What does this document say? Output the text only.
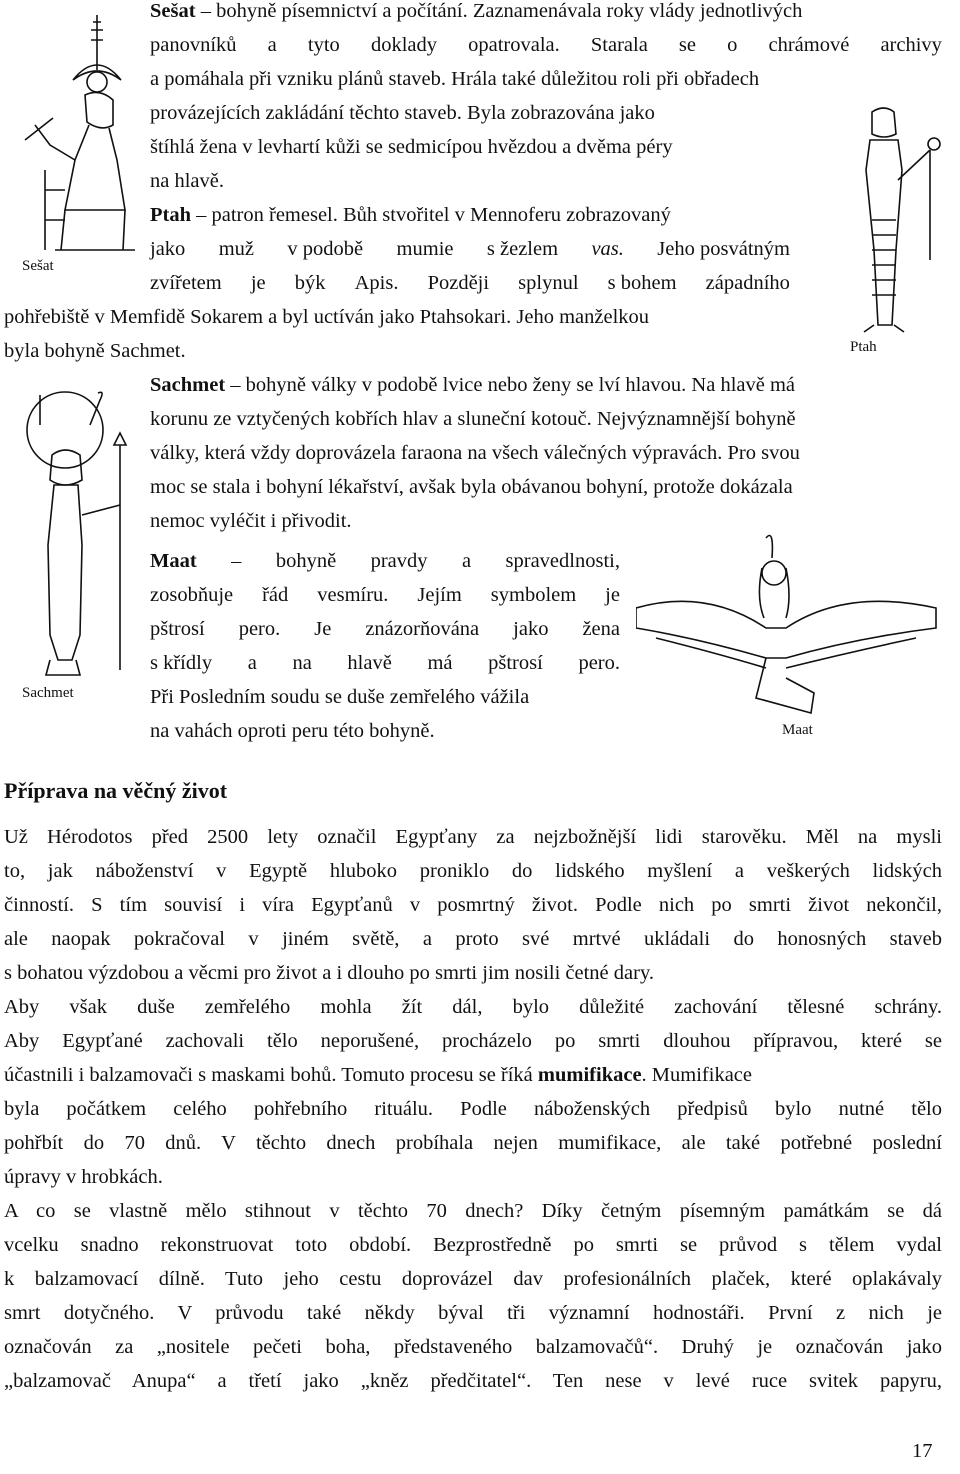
Sešat
Ptah
Sachmet
Maat
Sešat – bohyně písemnictví a počítání. Zaznamenávala roky vlády jednotlivých
panovníků a tyto doklady opatrovala. Starala se o chrámové archivy
a pomáhala při vzniku plánů staveb. Hrála také důležitou roli při obřadech
provázejících zakládání těchto staveb. Byla zobrazována jako
štíhlá žena v levhartí kůži se sedmicípou hvězdou a dvěma péry
na hlavě.
Ptah – patron řemesel. Bůh stvořitel v Mennoferu zobrazovaný
jako muž v podobě mumie s žezlem vas. Jeho posvátným
zvířetem je býk Apis. Později splynul s bohem západního
pohřebiště v Memfidě Sokarem a byl uctíván jako Ptahsokari. Jeho manželkou
byla bohyně Sachmet.
Sachmet – bohyně války v podobě lvice nebo ženy se lví hlavou. Na hlavě má
korunu ze vztyčených kobřích hlav a sluneční kotouč. Nejvýznamnější bohyně
války, která vždy doprovázela faraona na všech válečných výpravách. Pro svou
moc se stala i bohyní lékařství, avšak byla obávanou bohyní, protože dokázala
nemoc vyléčit i přivodit.
Maat – bohyně pravdy a spravedlnosti,
zosobňuje řád vesmíru. Jejím symbolem je
pštrosí pero. Je znázorňována jako žena
s křídly a na hlavě má pštrosí pero.
Při Posledním soudu se duše zemřelého vážila
na vahách oproti peru této bohyně.
Příprava na věčný život
Už Hérodotos před 2500 lety označil Egypťany za nejzbožnější lidi starověku. Měl na mysli
to, jak náboženství v Egyptě hluboko proniklo do lidského myšlení a veškerých lidských
činností. S tím souvisí i víra Egypťanů v posmrtný život. Podle nich po smrti život nekončil,
ale naopak pokračoval v jiném světě, a proto své mrtvé ukládali do honosných staveb
s bohatou výzdobou a věcmi pro život a i dlouho po smrti jim nosili četné dary.
Aby však duše zemřelého mohla žít dál, bylo důležité zachování tělesné schrány.
Aby Egypťané zachovali tělo neporušené, procházelo po smrti dlouhou přípravou, které se
účastnili i balzamovači s maskami bohů. Tomuto procesu se říká mumifikace. Mumifikace
byla počátkem celého pohřebního rituálu. Podle náboženských předpisů bylo nutné tělo
pohřbít do 70 dnů. V těchto dnech probíhala nejen mumifikace, ale také potřebné poslední
úpravy v hrobkách.
A co se vlastně mělo stihnout v těchto 70 dnech? Díky četným písemným památkám se dá
vcelku snadno rekonstruovat toto období. Bezprostředně po smrti se průvod s tělem vydal
k balzamovací dílně. Tuto jeho cestu doprovázel dav profesionálních plaček, které oplakávaly
smrt dotyčného. V průvodu také někdy býval tři významní hodnostáři. První z nich je
označován za „nositele pečeti boha, představeného balzamovačů“. Druhý je označován jako
„balzamovač Anupa“ a třetí jako „kněz předčitatel“. Ten nese v levé ruce svitek papyru,
17
